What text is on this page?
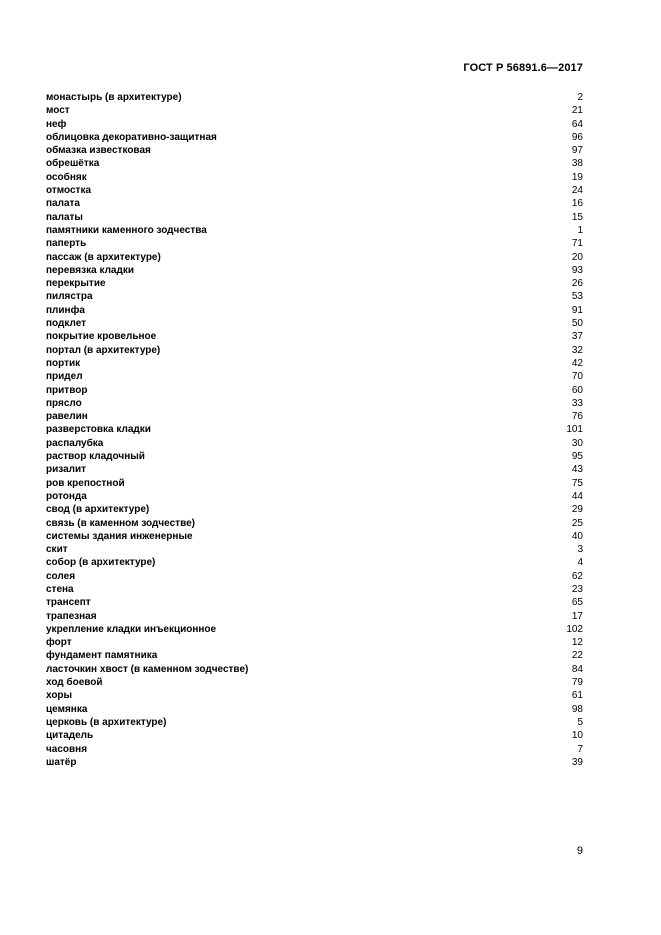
ГОСТ Р 56891.6—2017
монастырь (в архитектуре)	2
мост	21
неф	64
облицовка декоративно-защитная	96
обмазка известковая	97
обрешётка	38
особняк	19
отмостка	24
палата	16
палаты	15
памятники каменного зодчества	1
паперть	71
пассаж (в архитектуре)	20
перевязка кладки	93
перекрытие	26
пилястра	53
плинфа	91
подклет	50
покрытие кровельное	37
портал (в архитектуре)	32
портик	42
придел	70
притвор	60
прясло	33
равелин	76
разверстовка кладки	101
распалубка	30
раствор кладочный	95
ризалит	43
ров крепостной	75
ротонда	44
свод (в архитектуре)	29
связь (в каменном зодчестве)	25
системы здания инженерные	40
скит	3
собор (в архитектуре)	4
солея	62
стена	23
трансепт	65
трапезная	17
укрепление кладки инъекционное	102
форт	12
фундамент памятника	22
ласточкин хвост (в каменном зодчестве)	84
ход боевой	79
хоры	61
цемянка	98
церковь (в архитектуре)	5
цитадель	10
часовня	7
шатёр	39
9
